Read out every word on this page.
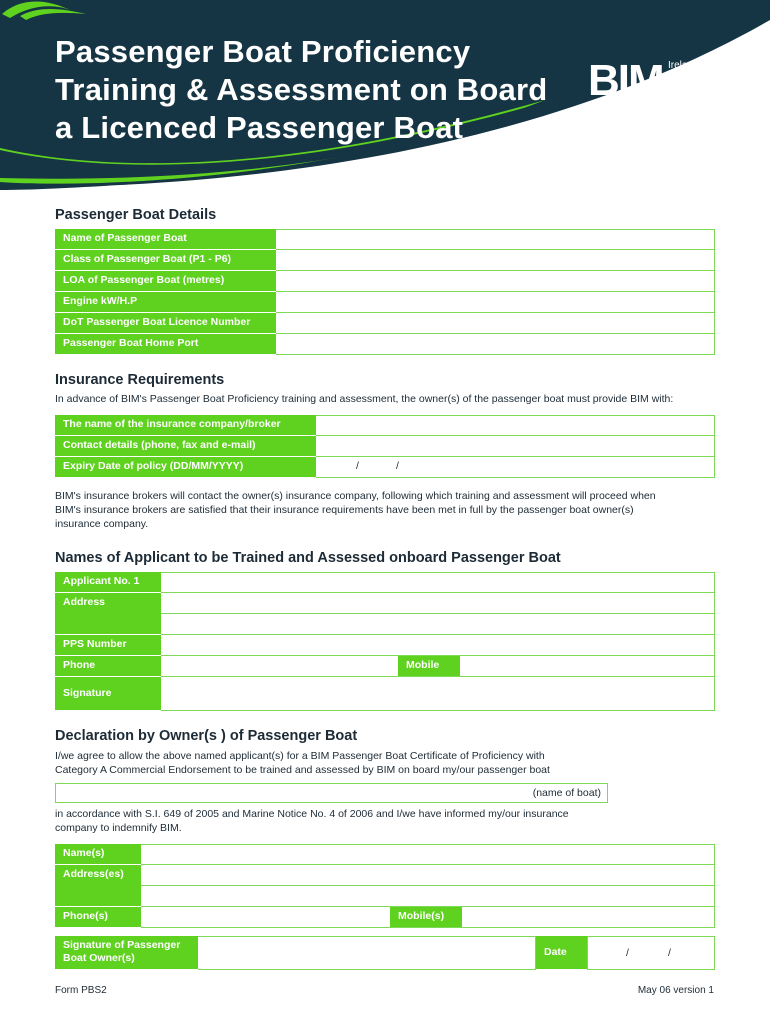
Passenger Boat Proficiency
Training & Assessment on Board
a Licenced Passenger Boat
BIM Ireland's
Seafood
Development
Agency
Passenger Boat Details
Name of Passenger Boat
Class of Passenger Boat (P1 - P6)
LOA of Passenger Boat (metres)
Engine kW/H.P
DoT Passenger Boat Licence Number
Passenger Boat Home Port
Insurance Requirements

In advance of BIM's Passenger Boat Proficiency training and assessment, the owner(s) of the passenger boat must provide BIM with:

The name of the insurance company/broker
Contact details (phone, fax and e-mail)
Expiry Date of policy (DD/MM/YYYY)	/	/

BIM's insurance brokers will contact the owner(s) insurance company, following which training and assessment will proceed when
BIM's insurance brokers are satisfied that their insurance requirements have been met in full by the passenger boat owner(s)
insurance company.

Names of Applicant to be Trained and Assessed onboard Passenger Boat
Applicant No. 1
Address
PPS Number
Phone	Mobile
Signature
Declaration by Owner(s ) of Passenger Boat

I/we agree to allow the above named applicant(s) for a BIM Passenger Boat Certificate of Proficiency with
Category A Commercial Endorsement to be trained and assessed by BIM on board my/our passenger boat

(name of boat)

in accordance with S.I. 649 of 2005 and Marine Notice No. 4 of 2006 and I/we have informed my/our insurance
company to indemnify BIM.

Name(s)
Address(es)
Phone(s)	Mobile(s)
Signature of Passenger
Boat Owner(s)	Date	/	/
Form PBS2	May 06 version 1
